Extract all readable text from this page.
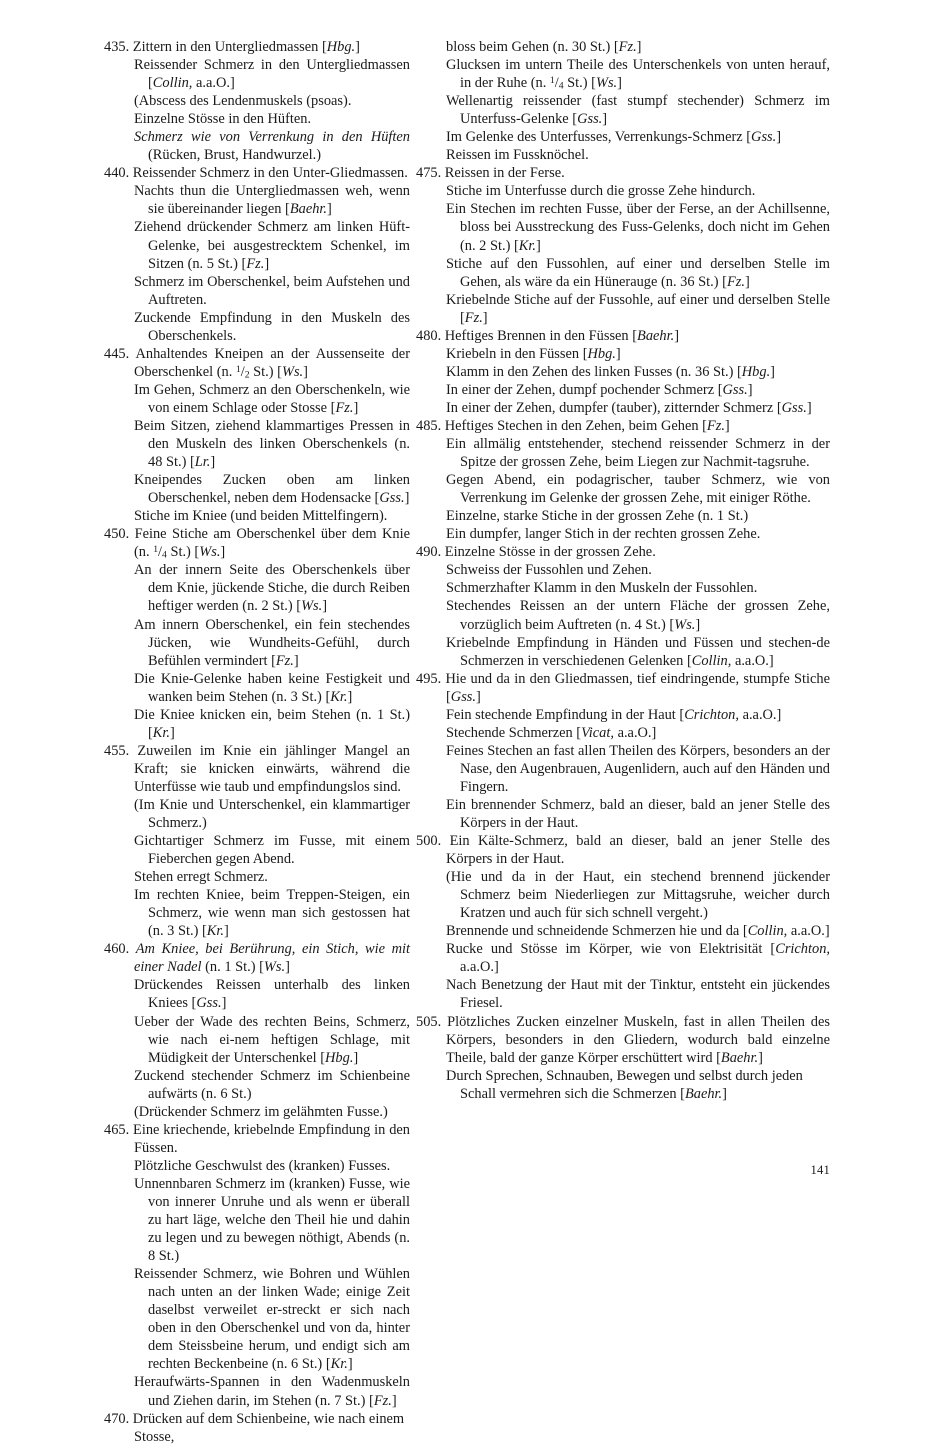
435. Zittern in den Untergliedmassen [Hbg.]

Reissender Schmerz in den Untergliedmassen [Collin, a.a.O.]

(Abscess des Lendenmuskels (psoas).

Einzelne Stösse in den Hüften.

Schmerz wie von Verrenkung in den Hüften (Rücken, Brust, Handwurzel.)

440. Reissender Schmerz in den Unter-Gliedmassen.

Nachts thun die Untergliedmassen weh, wenn sie übereinander liegen [Baehr.]

Ziehend drückender Schmerz am linken Hüft-Gelenke, bei ausgestrecktem Schenkel, im Sitzen (n. 5 St.) [Fz.]

Schmerz im Oberschenkel, beim Aufstehen und Auftreten.

Zuckende Empfindung in den Muskeln des Oberschenkels.

445. Anhaltendes Kneipen an der Aussenseite der Oberschenkel (n. $^1/_2$ St.) [Ws.]

Im Gehen, Schmerz an den Oberschenkeln, wie von einem Schlage oder Stosse [Fz.]

Beim Sitzen, ziehend klammartiges Pressen in den Muskeln des linken Oberschenkels (n. 48 St.) [Lr.]

Kneipendes Zucken oben am linken Oberschenkel, neben dem Hodensacke [Gss.]

Stiche im Kniee (und beiden Mittelfingern).

450. Feine Stiche am Oberschenkel über dem Knie (n. $^1/_4$ St.) [Ws.]

An der innern Seite des Oberschenkels über dem Knie, jückende Stiche, die durch Reiben heftiger werden (n. 2 St.) [Ws.]

Am innern Oberschenkel, ein fein stechendes Jücken, wie Wundheits-Gefühl, durch Befühlen vermindert [Fz.]

Die Knie-Gelenke haben keine Festigkeit und wanken beim Stehen (n. 3 St.) [Kr.]

Die Kniee knicken ein, beim Stehen (n. 1 St.) [Kr.]

455. Zuweilen im Knie ein jählinger Mangel an Kraft; sie knicken einwärts, während die Unterfüsse wie taub und empfindungslos sind.

(Im Knie und Unterschenkel, ein klammartiger Schmerz.)

Gichtartiger Schmerz im Fusse, mit einem Fieberchen gegen Abend.

Stehen erregt Schmerz.

Im rechten Kniee, beim Treppen-Steigen, ein Schmerz, wie wenn man sich gestossen hat (n. 3 St.) [Kr.]

460. Am Kniee, bei Berührung, ein Stich, wie mit einer Nadel (n. 1 St.) [Ws.]

Drückendes Reissen unterhalb des linken Kniees [Gss.]

Ueber der Wade des rechten Beins, Schmerz, wie nach ei-nem heftigen Schlage, mit Müdigkeit der Unterschenkel [Hbg.]

Zuckend stechender Schmerz im Schienbeine aufwärts (n. 6 St.)

(Drückender Schmerz im gelähmten Fusse.)

465. Eine kriechende, kriebelnde Empfindung in den Füssen.

Plötzliche Geschwulst des (kranken) Fusses.

Unnennbaren Schmerz im (kranken) Fusse, wie von innerer Unruhe und als wenn er überall zu hart läge, welche den Theil hie und dahin zu legen und zu bewegen nöthigt, Abends (n. 8 St.)

Reissender Schmerz, wie Bohren und Wühlen nach unten an der linken Wade; einige Zeit daselbst verweilet er-streckt er sich nach oben in den Oberschenkel und von da, hinter dem Steissbeine herum, und endigt sich am rechten Beckenbeine (n. 6 St.) [Kr.]

Heraufwärts-Spannen in den Wadenmuskeln und Ziehen darin, im Stehen (n. 7 St.) [Fz.]

470. Drücken auf dem Schienbeine, wie nach einem Stosse,

bloss beim Gehen (n. 30 St.) [Fz.]

Glucksen im untern Theile des Unterschenkels von unten herauf, in der Ruhe (n. $^1/_4$ St.) [Ws.]

Wellenartig reissender (fast stumpf stechender) Schmerz im Unterfuss-Gelenke [Gss.]

Im Gelenke des Unterfusses, Verrenkungs-Schmerz [Gss.]

Reissen im Fussknöchel.

475. Reissen in der Ferse.

Stiche im Unterfusse durch die grosse Zehe hindurch.

Ein Stechen im rechten Fusse, über der Ferse, an der Achillsenne, bloss bei Ausstreckung des Fuss-Gelenks, doch nicht im Gehen (n. 2 St.) [Kr.]

Stiche auf den Fussohlen, auf einer und derselben Stelle im Gehen, als wäre da ein Hünerauge (n. 36 St.) [Fz.]

Kriebelnde Stiche auf der Fussohle, auf einer und derselben Stelle [Fz.]

480. Heftiges Brennen in den Füssen [Baehr.]

Kriebeln in den Füssen [Hbg.]

Klamm in den Zehen des linken Fusses (n. 36 St.) [Hbg.]

In einer der Zehen, dumpf pochender Schmerz [Gss.]

In einer der Zehen, dumpfer (tauber), zitternder Schmerz [Gss.]

485. Heftiges Stechen in den Zehen, beim Gehen [Fz.]

Ein allmälig entstehender, stechend reissender Schmerz in der Spitze der grossen Zehe, beim Liegen zur Nachmit-tagsruhe.

Gegen Abend, ein podagrischer, tauber Schmerz, wie von Verrenkung im Gelenke der grossen Zehe, mit einiger Röthe.

Einzelne, starke Stiche in der grossen Zehe (n. 1 St.)

Ein dumpfer, langer Stich in der rechten grossen Zehe.

490. Einzelne Stösse in der grossen Zehe.

Schweiss der Fussohlen und Zehen.

Schmerzhafter Klamm in den Muskeln der Fussohlen.

Stechendes Reissen an der untern Fläche der grossen Zehe, vorzüglich beim Auftreten (n. 4 St.) [Ws.]

Kriebelnde Empfindung in Händen und Füssen und stechen-de Schmerzen in verschiedenen Gelenken [Collin, a.a.O.]

495. Hie und da in den Gliedmassen, tief eindringende, stumpfe Stiche [Gss.]

Fein stechende Empfindung in der Haut [Crichton, a.a.O.]

Stechende Schmerzen [Vicat, a.a.O.]

Feines Stechen an fast allen Theilen des Körpers, besonders an der Nase, den Augenbrauen, Augenlidern, auch auf den Händen und Fingern.

Ein brennender Schmerz, bald an dieser, bald an jener Stelle des Körpers in der Haut.

500. Ein Kälte-Schmerz, bald an dieser, bald an jener Stelle des Körpers in der Haut.

(Hie und da in der Haut, ein stechend brennend jückender Schmerz beim Niederliegen zur Mittagsruhe, weicher durch Kratzen und auch für sich schnell vergeht.)

Brennende und schneidende Schmerzen hie und da [Collin, a.a.O.]

Rucke und Stösse im Körper, wie von Elektrisität [Crichton, a.a.O.]

Nach Benetzung der Haut mit der Tinktur, entsteht ein jückendes Friesel.

505. Plötzliches Zucken einzelner Muskeln, fast in allen Theilen des Körpers, besonders in den Gliedern, wodurch bald einzelne Theile, bald der ganze Körper erschüttert wird [Baehr.]

Durch Sprechen, Schnauben, Bewegen und selbst durch jeden Schall vermehren sich die Schmerzen [Baehr.]

141
